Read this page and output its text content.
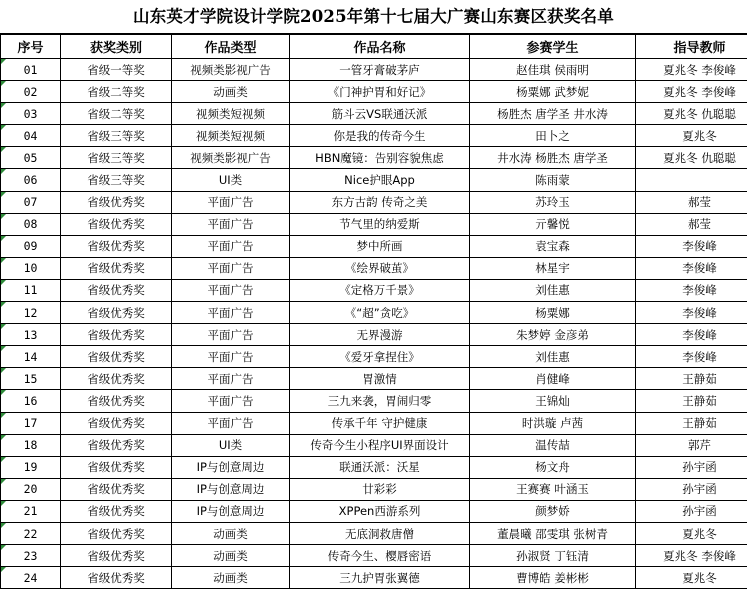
山东英才学院设计学院2025年第十七届大广赛山东赛区获奖名单
序号	获奖类别	作品类型	作品名称	参赛学生	指导教师
01	省级一等奖	视频类影视广告	一管牙膏破茅庐	赵佳琪 侯雨明	夏兆冬 李俊峰
02	省级二等奖	动画类	《门神护胃和好记》	杨粟娜 武梦妮	夏兆冬 李俊峰
03	省级二等奖	视频类短视频	筋斗云VS联通沃派	杨胜杰 唐学圣 井水涛	夏兆冬 仇聪聪
04	省级三等奖	视频类短视频	你是我的传奇今生	田卜之	夏兆冬
05	省级三等奖	视频类影视广告	HBN魔镜：告别容貌焦虑	井水涛 杨胜杰 唐学圣	夏兆冬 仇聪聪
06	省级三等奖	UI类	Nice护眼App	陈雨蒙	
07	省级优秀奖	平面广告	东方古韵 传奇之美	苏玲玉	郝莹
08	省级优秀奖	平面广告	节气里的纳爱斯	亓馨悦	郝莹
09	省级优秀奖	平面广告	梦中所画	袁宝森	李俊峰
10	省级优秀奖	平面广告	《绘界破茧》	林星宇	李俊峰
11	省级优秀奖	平面广告	《定格万千景》	刘佳惠	李俊峰
12	省级优秀奖	平面广告	《“超”贪吃》	杨粟娜	李俊峰
13	省级优秀奖	平面广告	无界漫游	朱梦婷 金彦弟	李俊峰
14	省级优秀奖	平面广告	《爱牙拿捏住》	刘佳惠	李俊峰
15	省级优秀奖	平面广告	胃激情	肖健峰	王静茹
16	省级优秀奖	平面广告	三九来袭，胃闹归零	王锦灿	王静茹
17	省级优秀奖	平面广告	传承千年 守护健康	时洪璇 卢茜	王静茹
18	省级优秀奖	UI类	传奇今生小程序UI界面设计	温传喆	郭芹
19	省级优秀奖	IP与创意周边	联通沃派：沃星	杨文舟	孙宇函
20	省级优秀奖	IP与创意周边	廿彩彩	王赛赛 叶涵玉	孙宇函
21	省级优秀奖	IP与创意周边	XPPen西游系列	颜梦娇	孙宇函
22	省级优秀奖	动画类	无底洞救唐僧	董晨曦 邵雯琪 张树青	夏兆冬
23	省级优秀奖	动画类	传奇今生、樱唇密语	孙淑贤 丁钰清	夏兆冬 李俊峰
24	省级优秀奖	动画类	三九护胃张翼德	曹博皓 姜彬彬	夏兆冬
